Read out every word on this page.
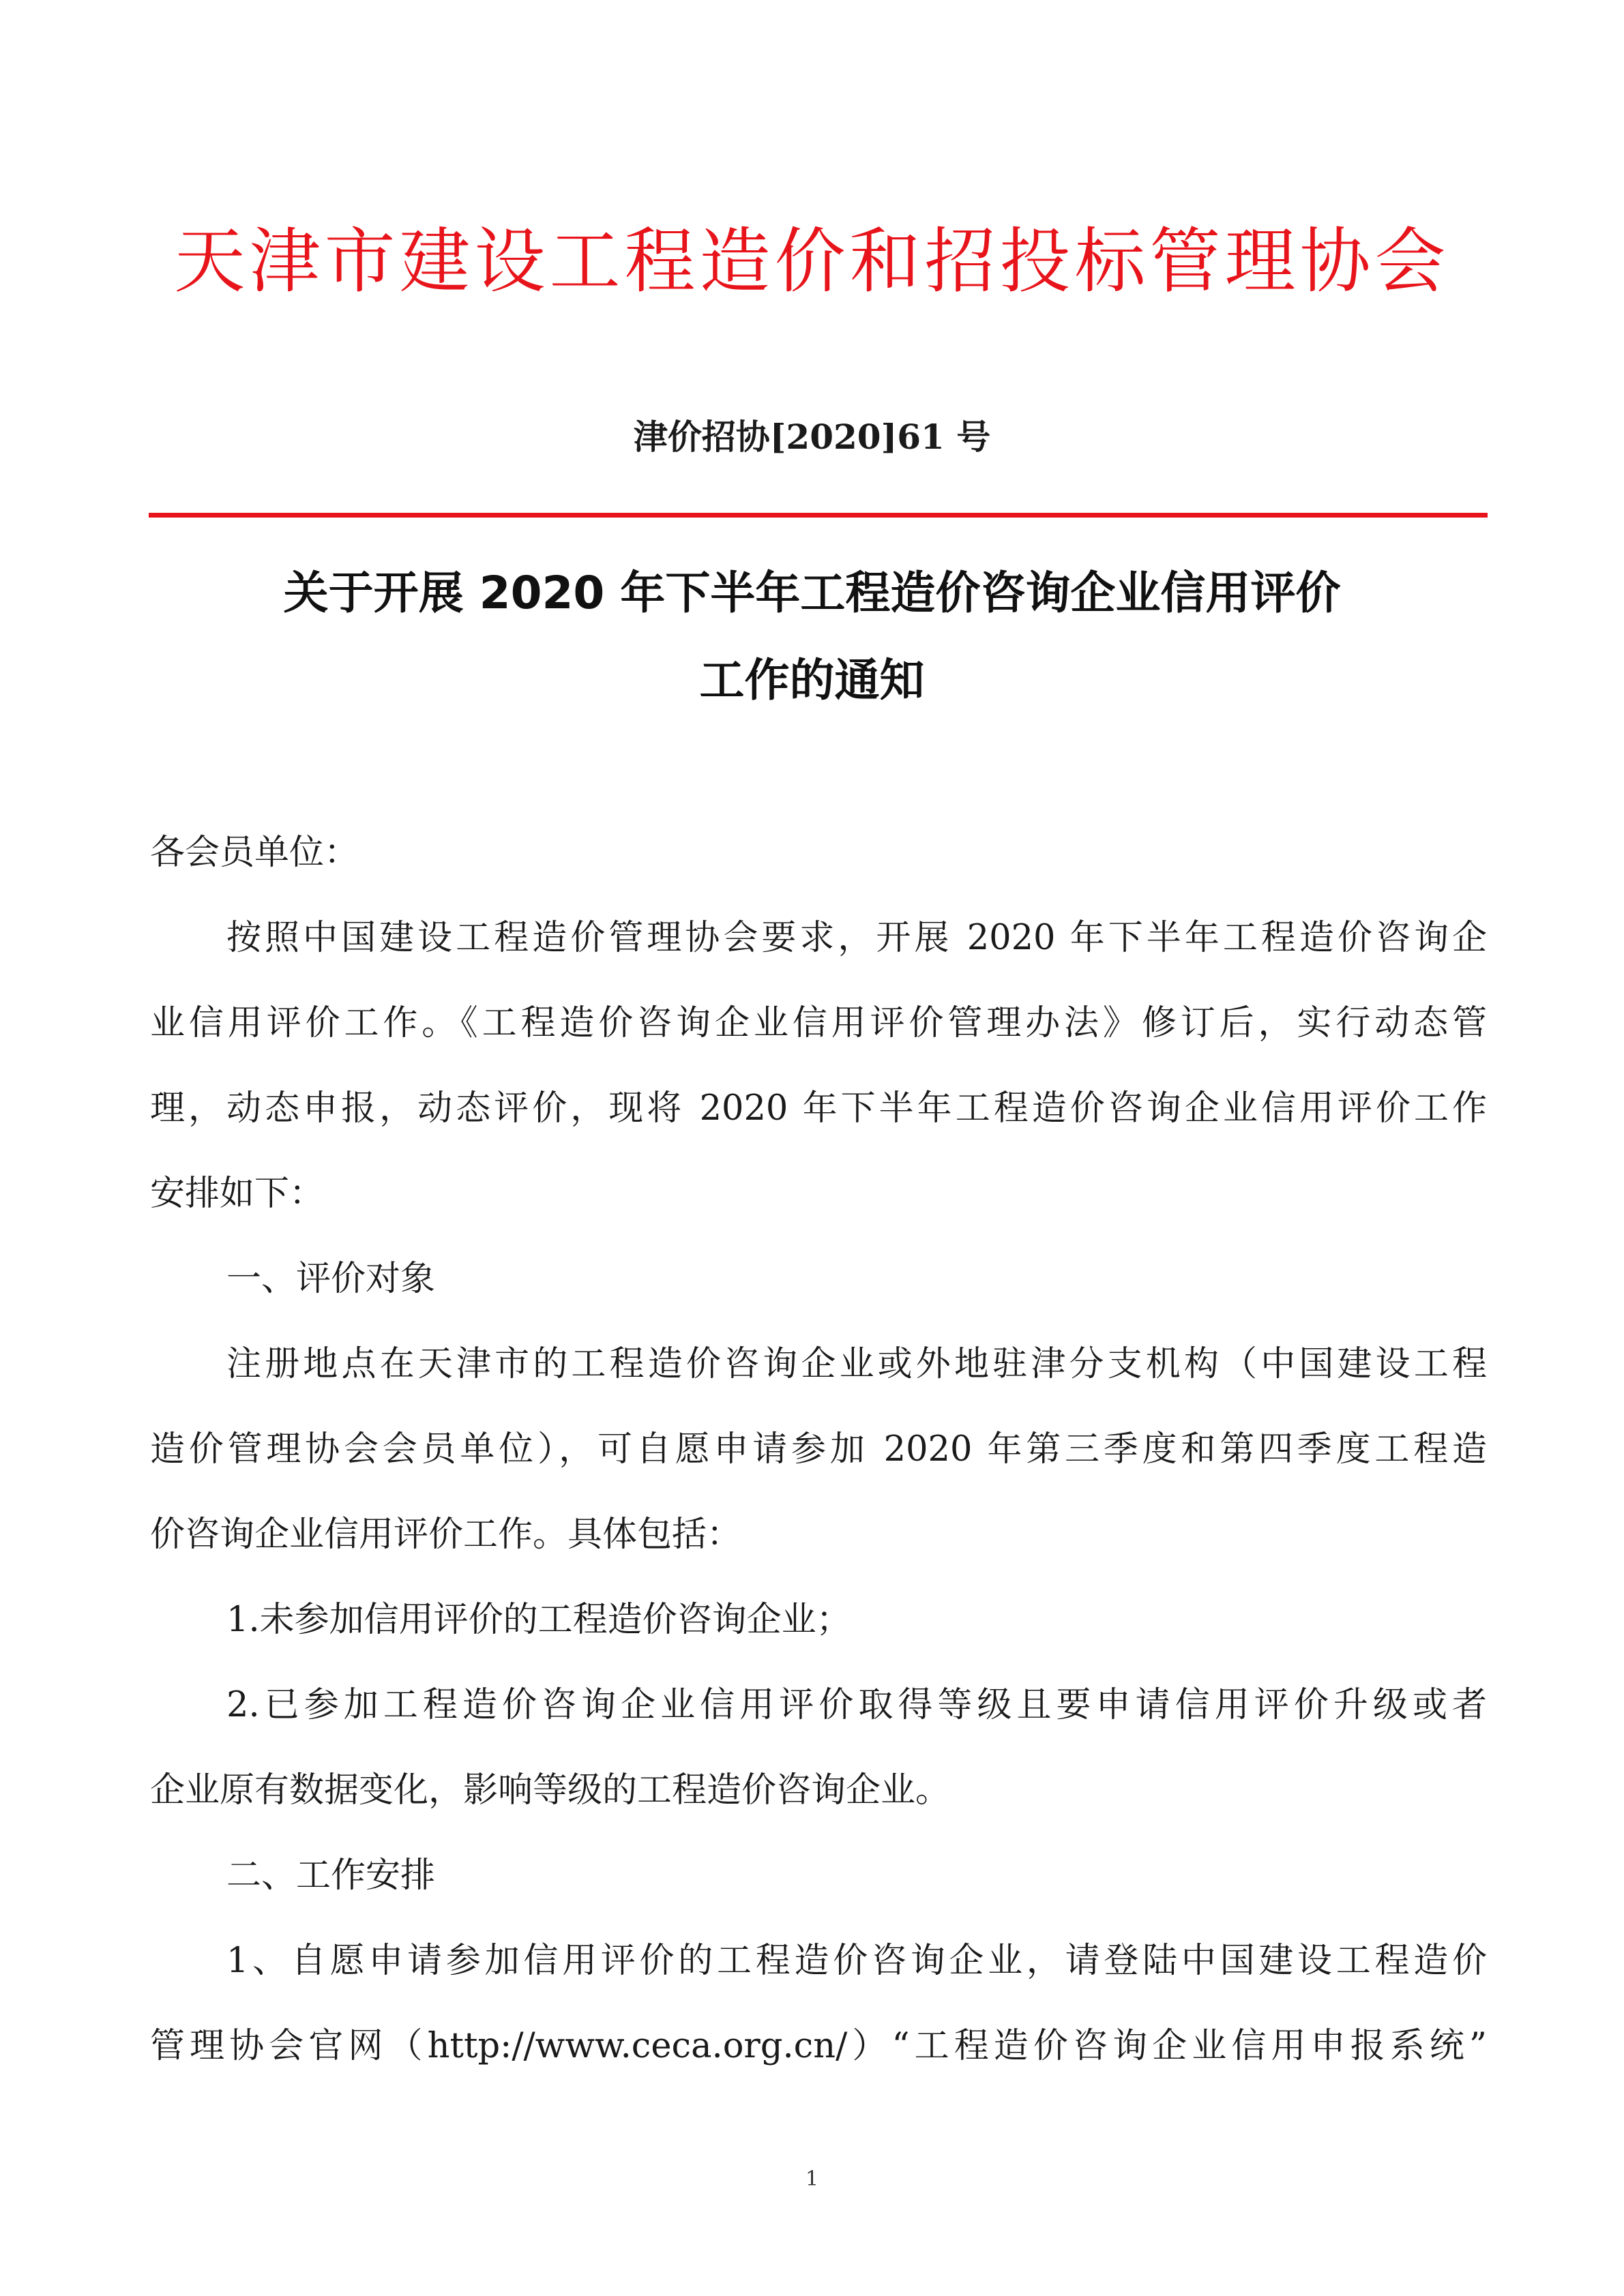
天津市建设工程造价和招投标管理协会
津价招协[2020]61 号
关于开展 2020 年下半年工程造价咨询企业信用评价
工作的通知
各会员单位：
按照中国建设工程造价管理协会要求，开展 2020 年下半年工程造价咨询企
业信用评价工作。《工程造价咨询企业信用评价管理办法》修订后，实行动态管
理，动态申报，动态评价，现将 2020 年下半年工程造价咨询企业信用评价工作
安排如下：
一、评价对象
注册地点在天津市的工程造价咨询企业或外地驻津分支机构（中国建设工程
造价管理协会会员单位），可自愿申请参加 2020 年第三季度和第四季度工程造
价咨询企业信用评价工作。具体包括：
1.未参加信用评价的工程造价咨询企业；
2.已参加工程造价咨询企业信用评价取得等级且要申请信用评价升级或者
企业原有数据变化，影响等级的工程造价咨询企业。
二、工作安排
1、自愿申请参加信用评价的工程造价咨询企业，请登陆中国建设工程造价
管理协会官网（http://www.ceca.org.cn/）“工程造价咨询企业信用申报系统”
1
